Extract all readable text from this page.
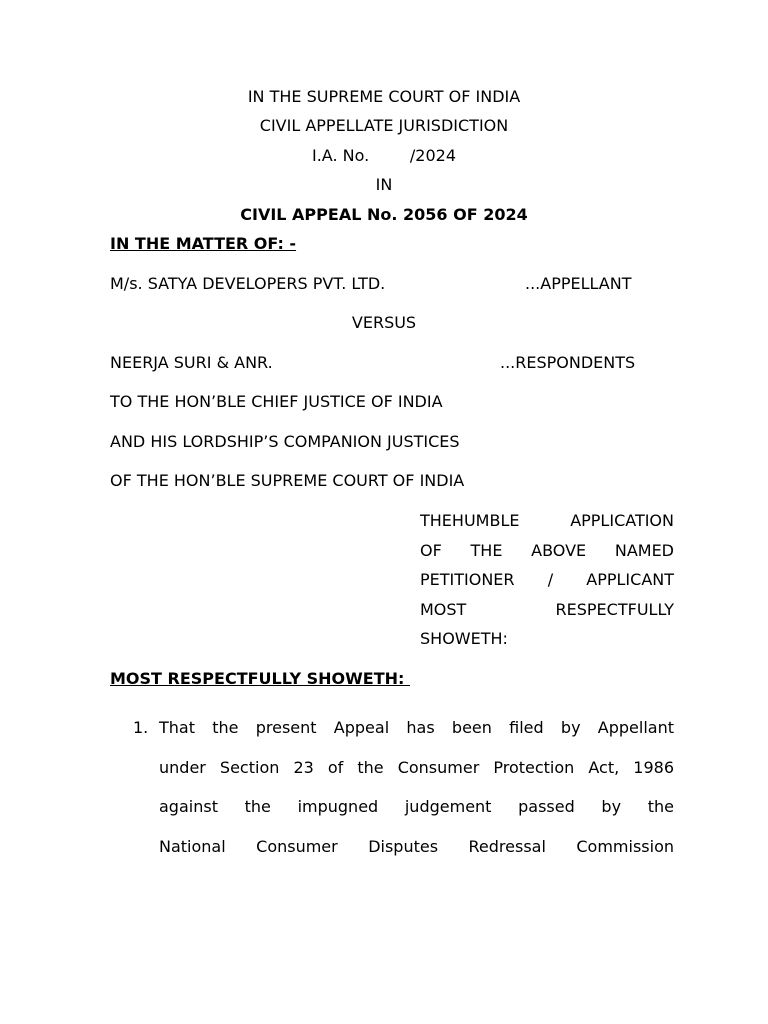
IN THE SUPREME COURT OF INDIA
CIVIL APPELLATE JURISDICTION
I.A. No.        /2024
IN
CIVIL APPEAL No. 2056 OF 2024
IN THE MATTER OF: -
M/s. SATYA DEVELOPERS PVT. LTD.	...APPELLANT
VERSUS
NEERJA SURI & ANR.	...RESPONDENTS
TO THE HON’BLE CHIEF JUSTICE OF INDIA
AND HIS LORDSHIP’S COMPANION JUSTICES
OF THE HON’BLE SUPREME COURT OF INDIA
THEHUMBLE APPLICATION
OF THE ABOVE NAMED
PETITIONER / APPLICANT
MOST RESPECTFULLY
SHOWETH:
MOST RESPECTFULLY SHOWETH:
1. That the present Appeal has been filed by Appellant
under Section 23 of the Consumer Protection Act, 1986
against the impugned judgement passed by the
National Consumer Disputes Redressal Commission
